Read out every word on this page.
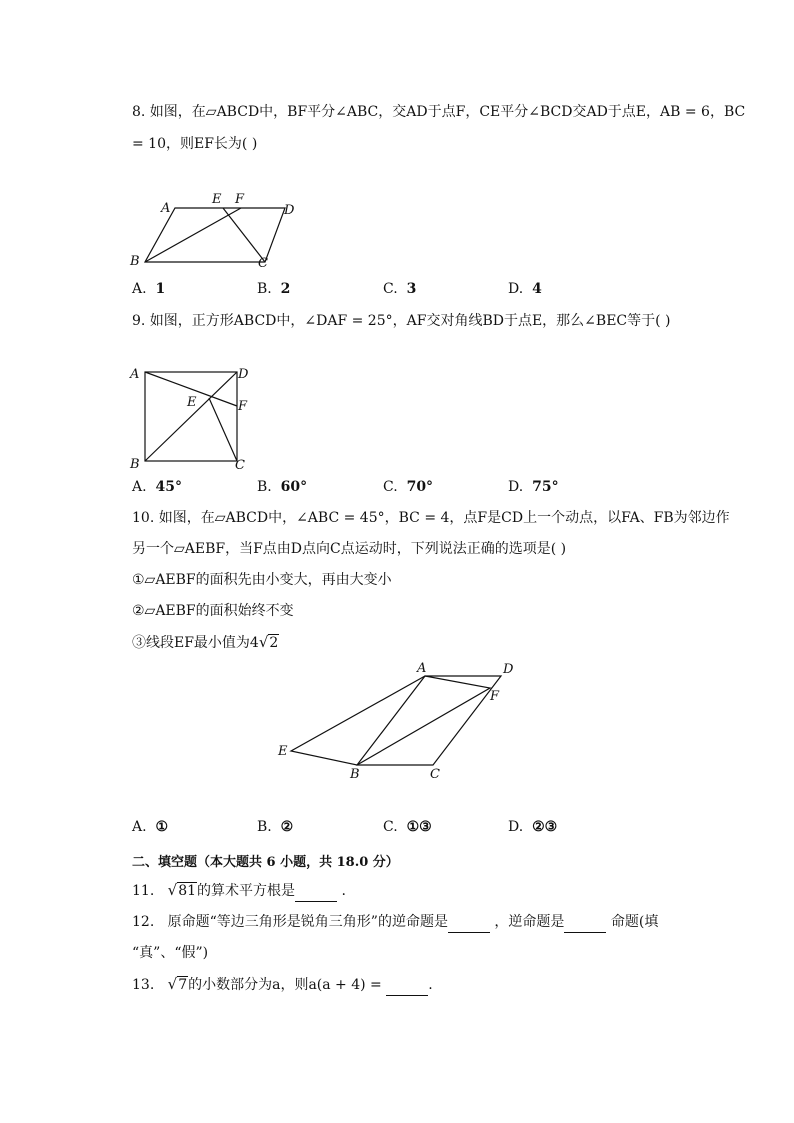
8. 如图，在▱ABCD中，BF平分∠ABC，交AD于点F，CE平分∠BCD交AD于点E，AB = 6，BC
= 10，则EF长为( )
A
B	C
D
E F
A. 1	B. 2	C. 3	D. 4
9. 如图，正方形ABCD中，∠DAF = 25°，AF交对角线BD于点E，那么∠BEC等于( )
A
B	C
D
E	F
A. 45°	B. 60°	C. 70°	D. 75°
10. 如图，在▱ABCD中，∠ABC = 45°，BC = 4，点F是CD上一个动点，以FA、FB为邻边作
另一个▱AEBF，当F点由D点向C点运动时，下列说法正确的选项是( )
①▱AEBF的面积先由小变大，再由大变小
②▱AEBF的面积始终不变
③线段EF最小值为4√2
A
B	C
D
E
F
A. ①	B. ②	C. ①③	D. ②③
二、填空题（本大题共 6 小题，共 18.0 分）
11. √81的算术平方根是	.
12. 原命题“等边三角形是锐角三角形”的逆命题是	，逆命题是	命题(填
“真”、“假”)
13. √7的小数部分为a，则a(a + 4) =	.
